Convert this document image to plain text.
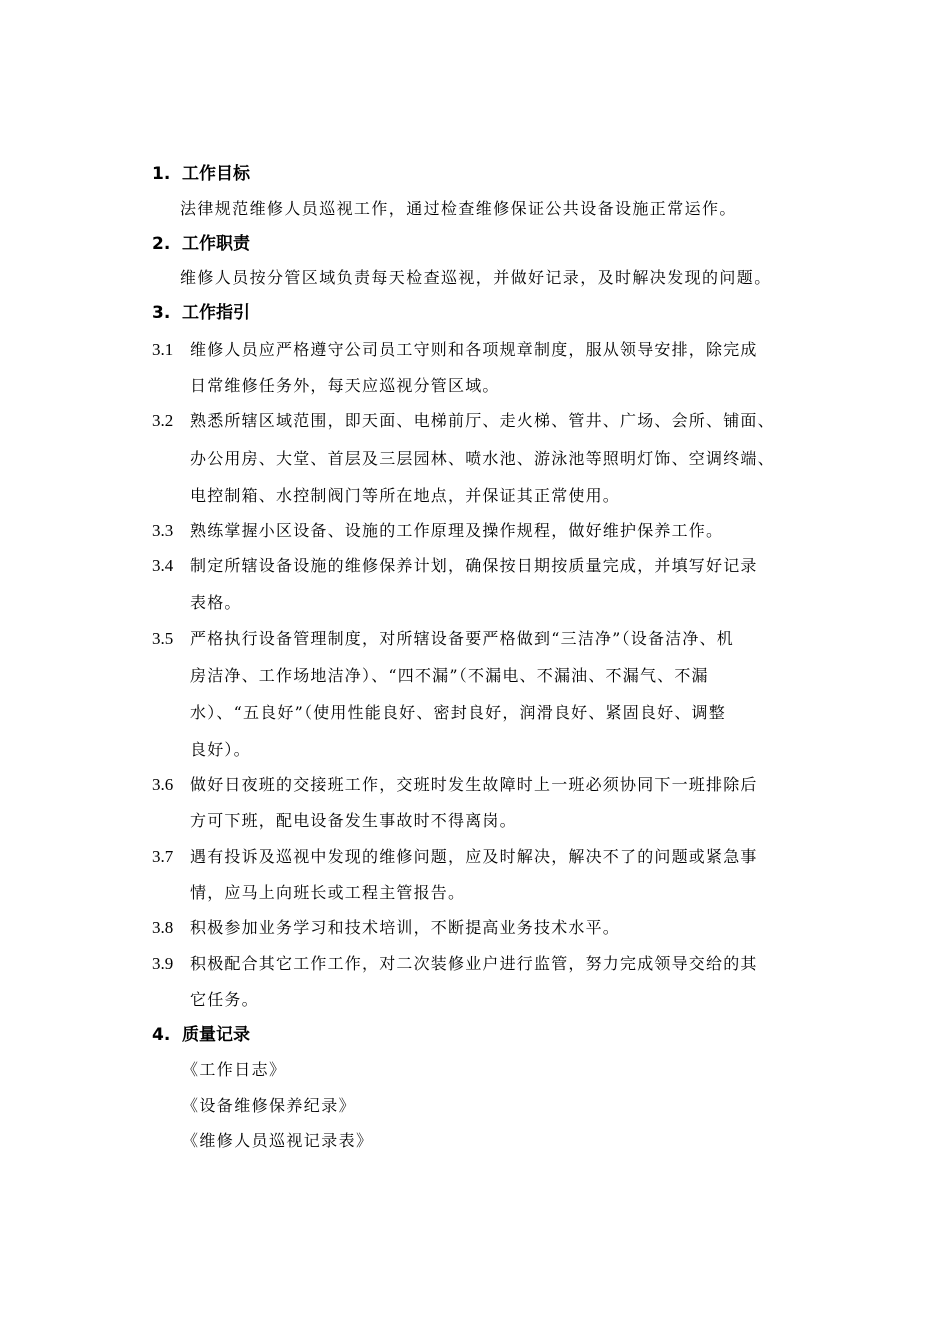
1. 工作目标
法律规范维修人员巡视工作，通过检查维修保证公共设备设施正常运作。
2. 工作职责
维修人员按分管区域负责每天检查巡视，并做好记录，及时解决发现的问题。
3. 工作指引
3.1 维修人员应严格遵守公司员工守则和各项规章制度，服从领导安排，除完成
日常维修任务外，每天应巡视分管区域。
3.2 熟悉所辖区域范围，即天面、电梯前厅、走火梯、管井、广场、会所、铺面、
办公用房、大堂、首层及三层园林、喷水池、游泳池等照明灯饰、空调终端、
电控制箱、水控制阀门等所在地点，并保证其正常使用。
3.3 熟练掌握小区设备、设施的工作原理及操作规程，做好维护保养工作。
3.4 制定所辖设备设施的维修保养计划，确保按日期按质量完成，并填写好记录
表格。
3.5 严格执行设备管理制度，对所辖设备要严格做到“三洁净”（设备洁净、机
房洁净、工作场地洁净）、“四不漏”（不漏电、不漏油、不漏气、不漏
水）、“五良好”（使用性能良好、密封良好，润滑良好、紧固良好、调整
良好）。
3.6 做好日夜班的交接班工作，交班时发生故障时上一班必须协同下一班排除后
方可下班，配电设备发生事故时不得离岗。
3.7 遇有投诉及巡视中发现的维修问题，应及时解决，解决不了的问题或紧急事
情，应马上向班长或工程主管报告。
3.8 积极参加业务学习和技术培训，不断提高业务技术水平。
3.9 积极配合其它工作工作，对二次装修业户进行监管，努力完成领导交给的其
它任务。
4. 质量记录
《工作日志》
《设备维修保养纪录》
《维修人员巡视记录表》
